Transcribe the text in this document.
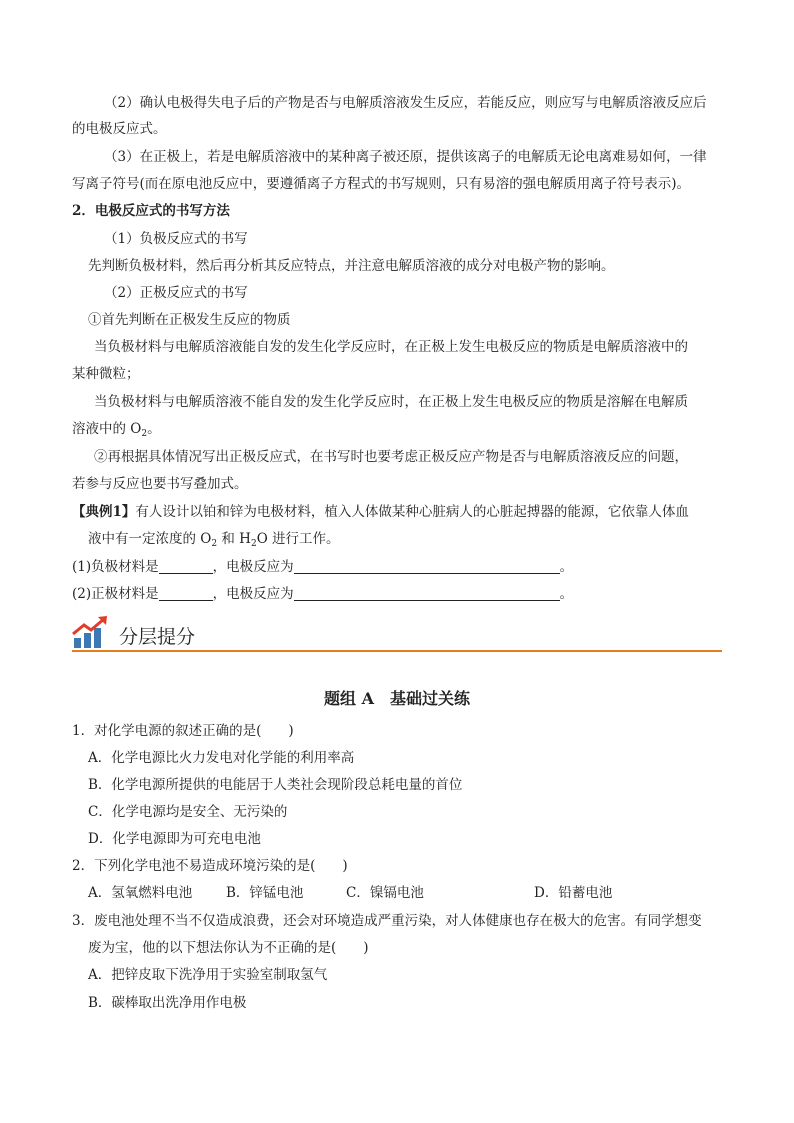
（2）确认电极得失电子后的产物是否与电解质溶液发生反应，若能反应，则应写与电解质溶液反应后
的电极反应式。
（3）在正极上，若是电解质溶液中的某种离子被还原，提供该离子的电解质无论电离难易如何，一律
写离子符号(而在原电池反应中，要遵循离子方程式的书写规则，只有易溶的强电解质用离子符号表示)。
2．电极反应式的书写方法
（1）负极反应式的书写
先判断负极材料，然后再分析其反应特点，并注意电解质溶液的成分对电极产物的影响。
（2）正极反应式的书写
①首先判断在正极发生反应的物质
当负极材料与电解质溶液能自发的发生化学反应时，在正极上发生电极反应的物质是电解质溶液中的
某种微粒；
当负极材料与电解质溶液不能自发的发生化学反应时，在正极上发生电极反应的物质是溶解在电解质
溶液中的 $O_2$。
②再根据具体情况写出正极反应式，在书写时也要考虑正极反应产物是否与电解质溶液反应的问题，
若参与反应也要书写叠加式。
【典例1】有人设计以铂和锌为电极材料，植入人体做某种心脏病人的心脏起搏器的能源，它依靠人体血
液中有一定浓度的 $O_2$ 和 $H_2O$ 进行工作。
(1)负极材料是	，电极反应为	。
(2)正极材料是	，电极反应为	。
分层提分
题组 A　基础过关练
1．对化学电源的叙述正确的是(　　)
A．化学电源比火力发电对化学能的利用率高
B．化学电源所提供的电能居于人类社会现阶段总耗电量的首位
C．化学电源均是安全、无污染的
D．化学电源即为可充电电池
2．下列化学电池不易造成环境污染的是(　　)
A．氢氧燃料电池	B．锌锰电池	C．镍镉电池	D．铅蓄电池
3．废电池处理不当不仅造成浪费，还会对环境造成严重污染，对人体健康也存在极大的危害。有同学想变
废为宝，他的以下想法你认为不正确的是(　　)
A．把锌皮取下洗净用于实验室制取氢气
B．碳棒取出洗净用作电极
